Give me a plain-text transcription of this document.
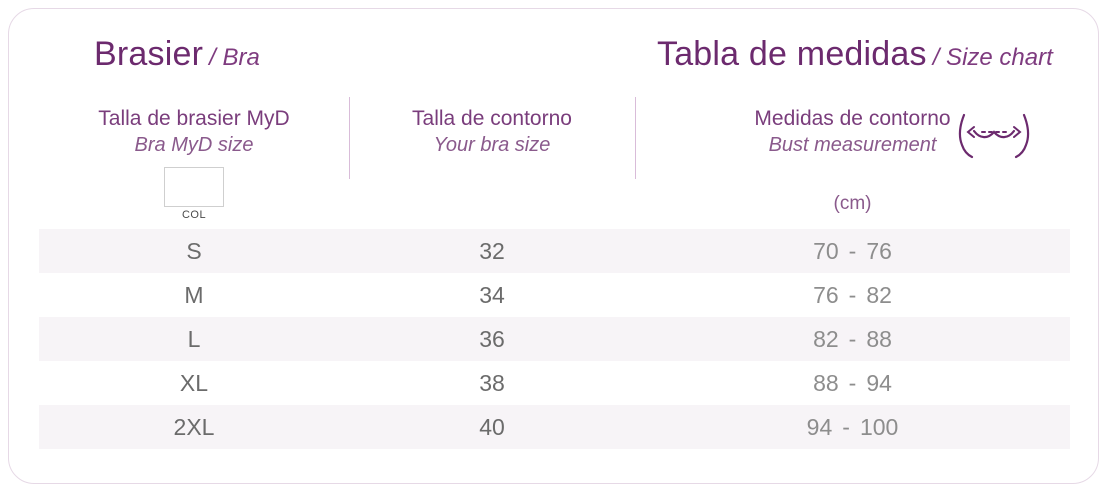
Brasier / Bra	Tabla de medidas / Size chart
Talla de brasier MyD
Bra MyD size
Talla de contorno
Your bra size
Medidas de contorno
Bust measurement
COL
(cm)
S	32	70 - 76
M	34	76 - 82
L	36	82 - 88
XL	38	88 - 94
2XL	40	94 - 100
